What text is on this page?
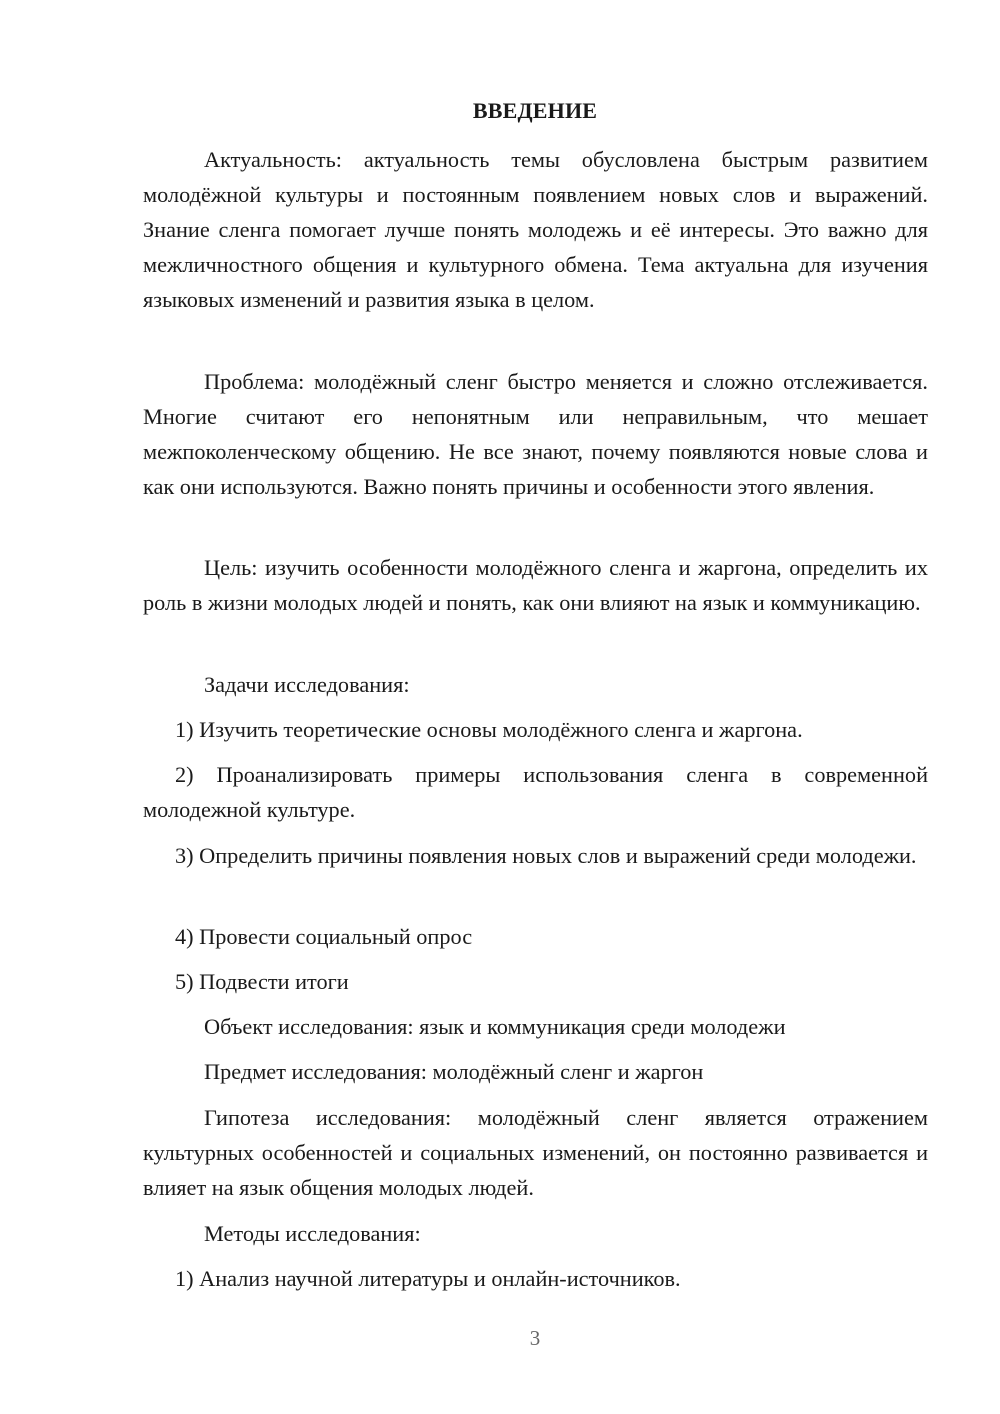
ВВЕДЕНИЕ

Актуальность: актуальность темы обусловлена быстрым развитием молодёжной культуры и постоянным появлением новых слов и выражений. Знание сленга помогает лучше понять молодежь и её интересы. Это важно для межличностного общения и культурного обмена. Тема актуальна для изучения языковых изменений и развития языка в целом.

Проблема: молодёжный сленг быстро меняется и сложно отслеживается. Многие считают его непонятным или неправильным, что мешает межпоколенческому общению. Не все знают, почему появляются новые слова и как они используются. Важно понять причины и особенности этого явления.

Цель: изучить особенности молодёжного сленга и жаргона, определить их роль в жизни молодых людей и понять, как они влияют на язык и коммуникацию.

Задачи исследования:
1) Изучить теоретические основы молодёжного сленга и жаргона.

2) Проанализировать примеры использования сленга в современной молодежной культуре.

3) Определить причины появления новых слов и выражений среди молодежи.

4) Провести социальный опрос
5) Подвести итоги
Объект исследования: язык и коммуникация среди молодежи
Предмет исследования: молодёжный сленг и жаргон

Гипотеза исследования: молодёжный сленг является отражением культурных особенностей и социальных изменений, он постоянно развивается и влияет на язык общения молодых людей.

Методы исследования:
1) Анализ научной литературы и онлайн-источников.
3
